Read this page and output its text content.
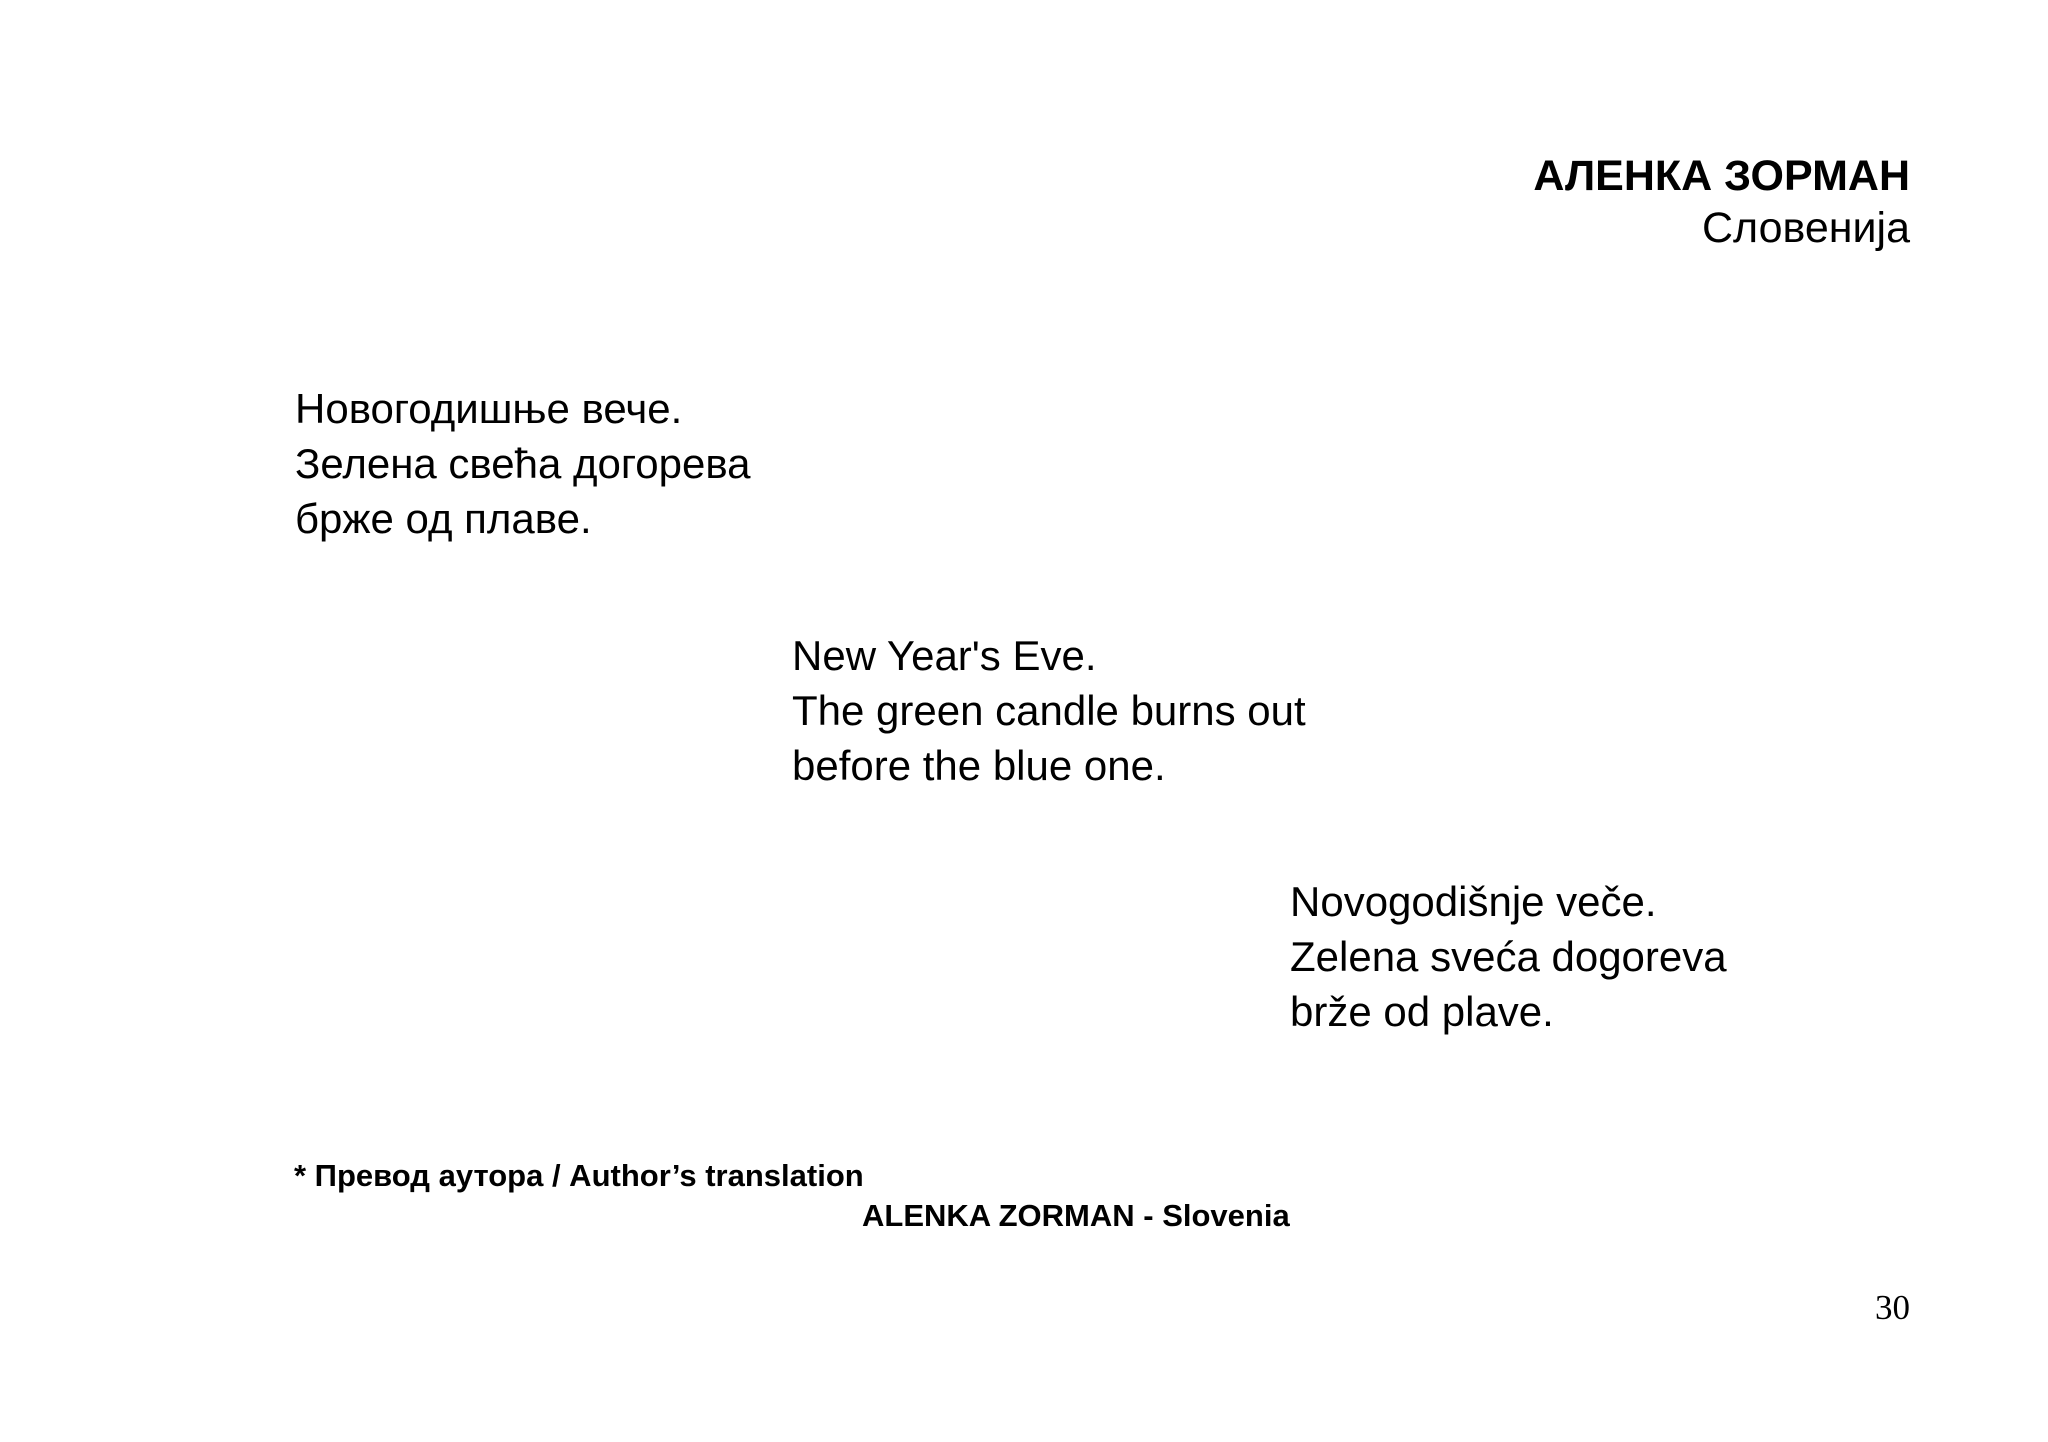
АЛЕНКА ЗОРМАН
Словенија
Новогодишње вече.
Зелена свећа догорева
брже од плаве.
New Year's Eve.
The green candle burns out
before the blue one.
Novogodišnje veče.
Zelena sveća dogoreva
brže od plave.
* Превод аутора / Author’s translation
ALENKA ZORMAN - Slovenia
30
